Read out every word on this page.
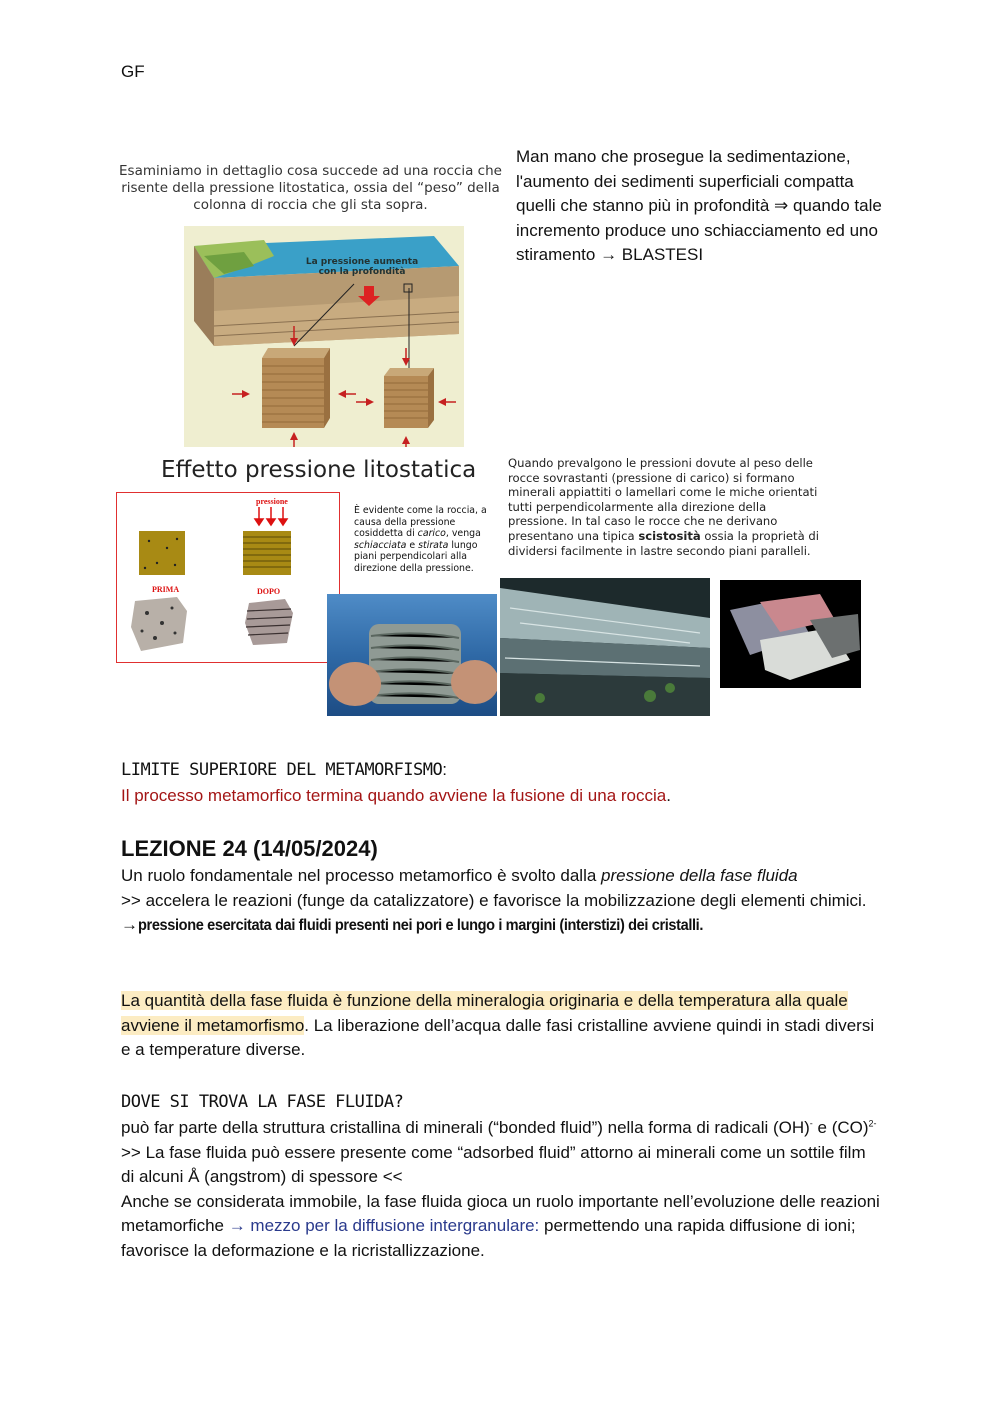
GF
Esaminiamo in dettaglio cosa succede ad una roccia che risente della pressione litostatica, ossia del “peso” della colonna di roccia che gli sta sopra.
La pressione aumenta con la profondità
Man mano che prosegue la sedimentazione, l'aumento dei sedimenti superficiali compatta quelli che stanno più in profondità ⇒ quando tale incremento produce uno schiacciamento ed uno stiramento → BLASTESI
Effetto pressione litostatica	Quando prevalgono le pressioni dovute al peso delle rocce sovrastanti (pressione di carico) si formano minerali appiattiti o lamellari come le miche orientati tutti perpendicolarmente alla direzione della pressione. In tal caso le rocce che ne derivano presentano una tipica scistosità ossia la proprietà di dividersi facilmente in lastre secondo piani paralleli.
pressione
PRIMA	DOPO
È evidente come la roccia, a causa della pressione cosiddetta di carico, venga schiacciata e stirata lungo piani perpendicolari alla direzione della pressione.
LIMITE SUPERIORE DEL METAMORFISMO:
Il processo metamorfico termina quando avviene la fusione di una roccia.
LEZIONE 24 (14/05/2024)
Un ruolo fondamentale nel processo metamorfico è svolto dalla pressione della fase fluida
>> accelera le reazioni (funge da catalizzatore) e favorisce la mobilizzazione degli elementi chimici.
→pressione esercitata dai fluidi presenti nei pori e lungo i margini (interstizi) dei cristalli.
La quantità della fase fluida è funzione della mineralogia originaria e della temperatura alla quale avviene il metamorfismo. La liberazione dell’acqua dalle fasi cristalline avviene quindi in stadi diversi e a temperature diverse.
DOVE SI TROVA LA FASE FLUIDA?
può far parte della struttura cristallina di minerali (“bonded fluid”) nella forma di radicali (OH)- e (CO)$^{2-}$
>> La fase fluida può essere presente come “adsorbed fluid” attorno ai minerali come un sottile film di alcuni Å (angstrom) di spessore <<
Anche se considerata immobile, la fase fluida gioca un ruolo importante nell’evoluzione delle reazioni metamorfiche → mezzo per la diffusione intergranulare: permettendo una rapida diffusione di ioni; favorisce la deformazione e la ricristallizzazione.
